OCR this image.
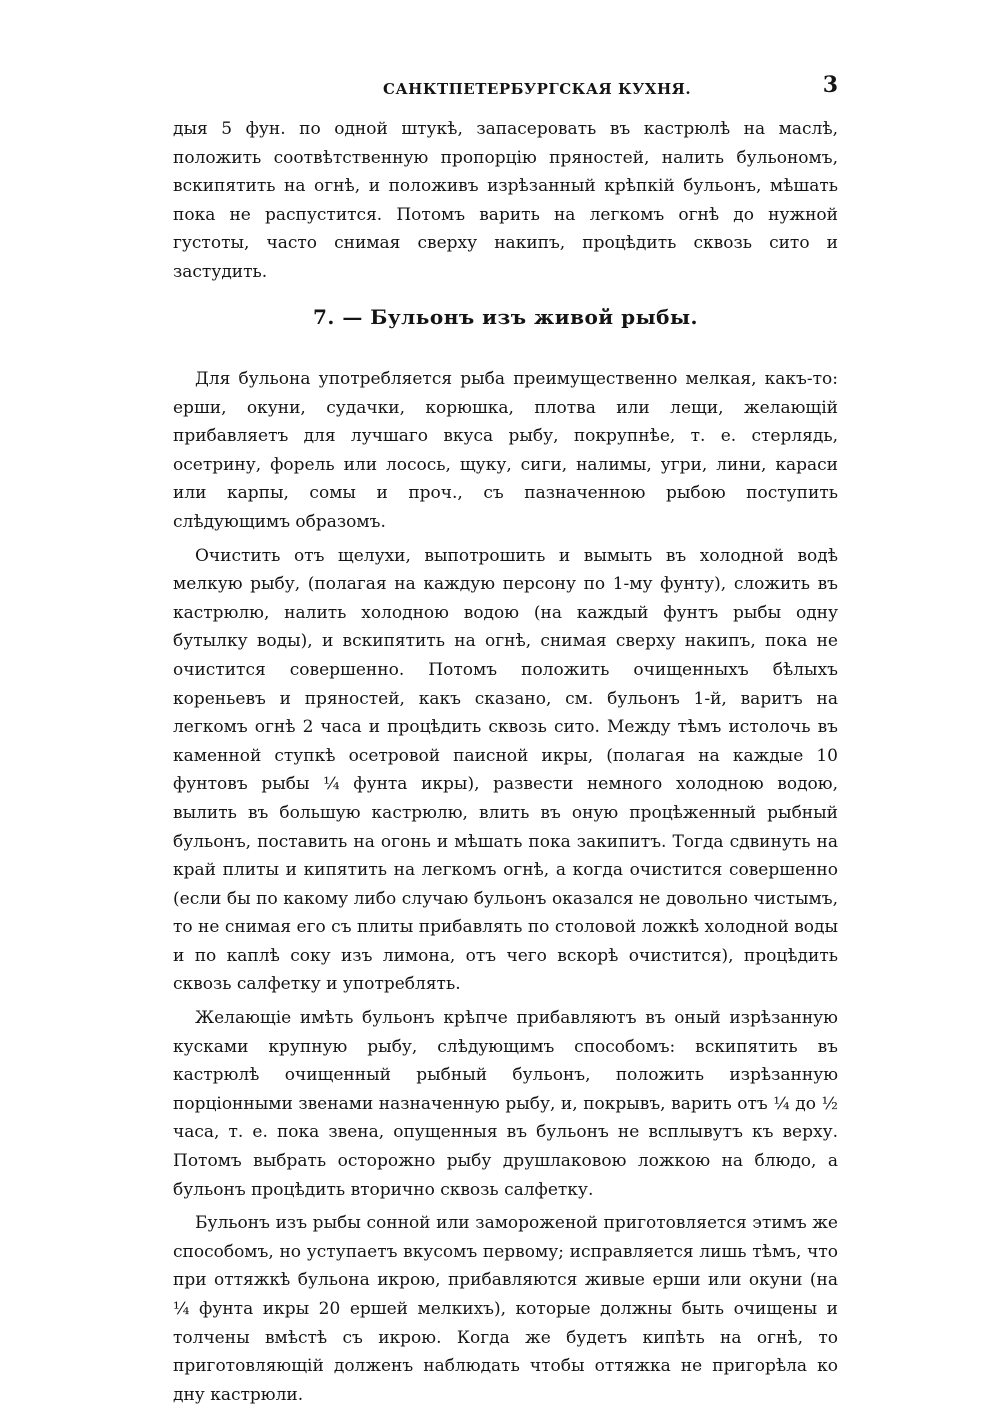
САНКТПЕТЕРБУРГСКАЯ КУХНЯ.	3

дыя 5 фун. по одной штукѣ, запасеровать въ кастрюлѣ на маслѣ, положить соотвѣтственную пропорцію пряностей, налить бульономъ, вскипятить на огнѣ, и положивъ изрѣзанный крѣпкій бульонъ, мѣшать пока не распустится. Потомъ варить на легкомъ огнѣ до нужной густоты, часто снимая сверху накипъ, процѣдить сквозь сито и застудить.

7. — Бульонъ изъ живой рыбы.

Для бульона употребляется рыба преимущественно мелкая, какъ-то: ерши, окуни, судачки, корюшка, плотва или лещи, желающій прибавляетъ для лучшаго вкуса рыбу, покрупнѣе, т. е. стерлядь, осетрину, форель или лосось, щуку, сиги, налимы, угри, лини, караси или карпы, сомы и проч., съ пазначенною рыбою поступить слѣдующимъ образомъ.

Очистить отъ щелухи, выпотрошить и вымыть въ холодной водѣ мелкую рыбу, (полагая на каждую персону по 1-му фунту), сложить въ кастрюлю, налить холодною водою (на каждый фунтъ рыбы одну бутылку воды), и вскипятить на огнѣ, снимая сверху накипъ, пока не очистится совершенно. Потомъ положить очищенныхъ бѣлыхъ кореньевъ и пряностей, какъ сказано, см. бульонъ 1-й, варитъ на легкомъ огнѣ 2 часа и процѣдить сквозь сито. Между тѣмъ истолочь въ каменной ступкѣ осетровой паисной икры, (полагая на каждые 10 фунтовъ рыбы ¼ фунта икры), развести немного холодною водою, вылить въ большую кастрюлю, влить въ оную процѣженный рыбный бульонъ, поставить на огонь и мѣшать пока закипитъ. Тогда сдвинуть на край плиты и кипятить на легкомъ огнѣ, а когда очистится совершенно (если бы по какому либо случаю бульонъ оказался не довольно чистымъ, то не снимая его съ плиты прибавлять по столовой ложкѣ холодной воды и по каплѣ соку изъ лимона, отъ чего вскорѣ очистится), процѣдить сквозь салфетку и употреблять.

Желающіе имѣть бульонъ крѣпче прибавляютъ въ оный изрѣзанную кусками крупную рыбу, слѣдующимъ способомъ: вскипятить въ кастрюлѣ очищенный рыбный бульонъ, положить изрѣзанную порціонными звенами назначенную рыбу, и, покрывъ, варить отъ ¼ до ½ часа, т. е. пока звена, опущенныя въ бульонъ не всплывутъ къ верху. Потомъ выбрать осторожно рыбу друшлаковою ложкою на блюдо, а бульонъ процѣдить вторично сквозь салфетку.

Бульонъ изъ рыбы сонной или замороженой приготовляется этимъ же способомъ, но уступаетъ вкусомъ первому; исправляется лишь тѣмъ, что при оттяжкѣ бульона икрою, прибавляются живые ерши или окуни (на ¼ фунта икры 20 ершей мелкихъ), которые должны быть очищены и толчены вмѣстѣ съ икрою. Когда же будетъ кипѣть на огнѣ, то приготовляющій долженъ наблюдать чтобы оттяжка не пригорѣла ко дну кастрюли.
